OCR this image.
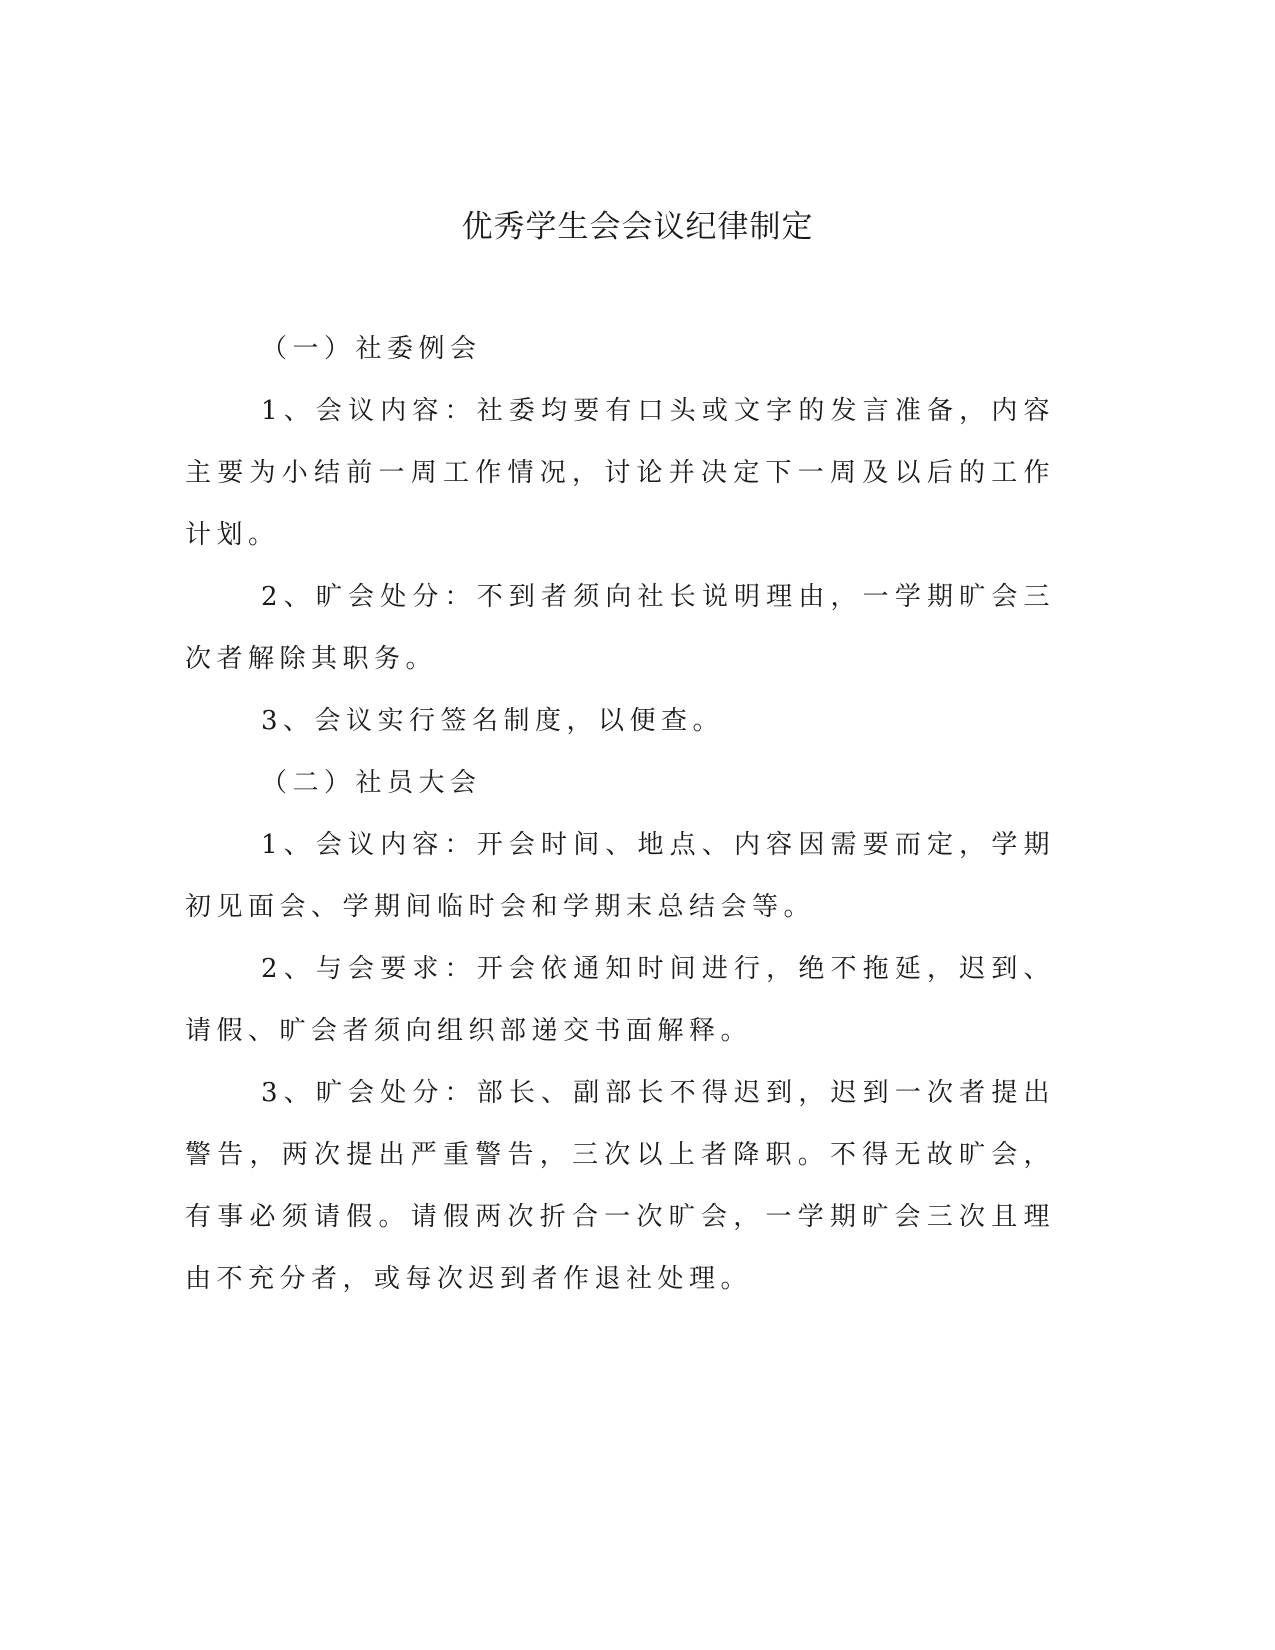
优秀学生会会议纪律制定

（一）社委例会

1、会议内容：社委均要有口头或文字的发言准备，内容主要为小结前一周工作情况，讨论并决定下一周及以后的工作计划。

2、旷会处分：不到者须向社长说明理由，一学期旷会三次者解除其职务。

3、会议实行签名制度，以便查。

（二）社员大会

1、会议内容：开会时间、地点、内容因需要而定，学期初见面会、学期间临时会和学期末总结会等。

2、与会要求：开会依通知时间进行，绝不拖延，迟到、请假、旷会者须向组织部递交书面解释。

3、旷会处分：部长、副部长不得迟到，迟到一次者提出警告，两次提出严重警告，三次以上者降职。不得无故旷会，有事必须请假。请假两次折合一次旷会，一学期旷会三次且理由不充分者，或每次迟到者作退社处理。
